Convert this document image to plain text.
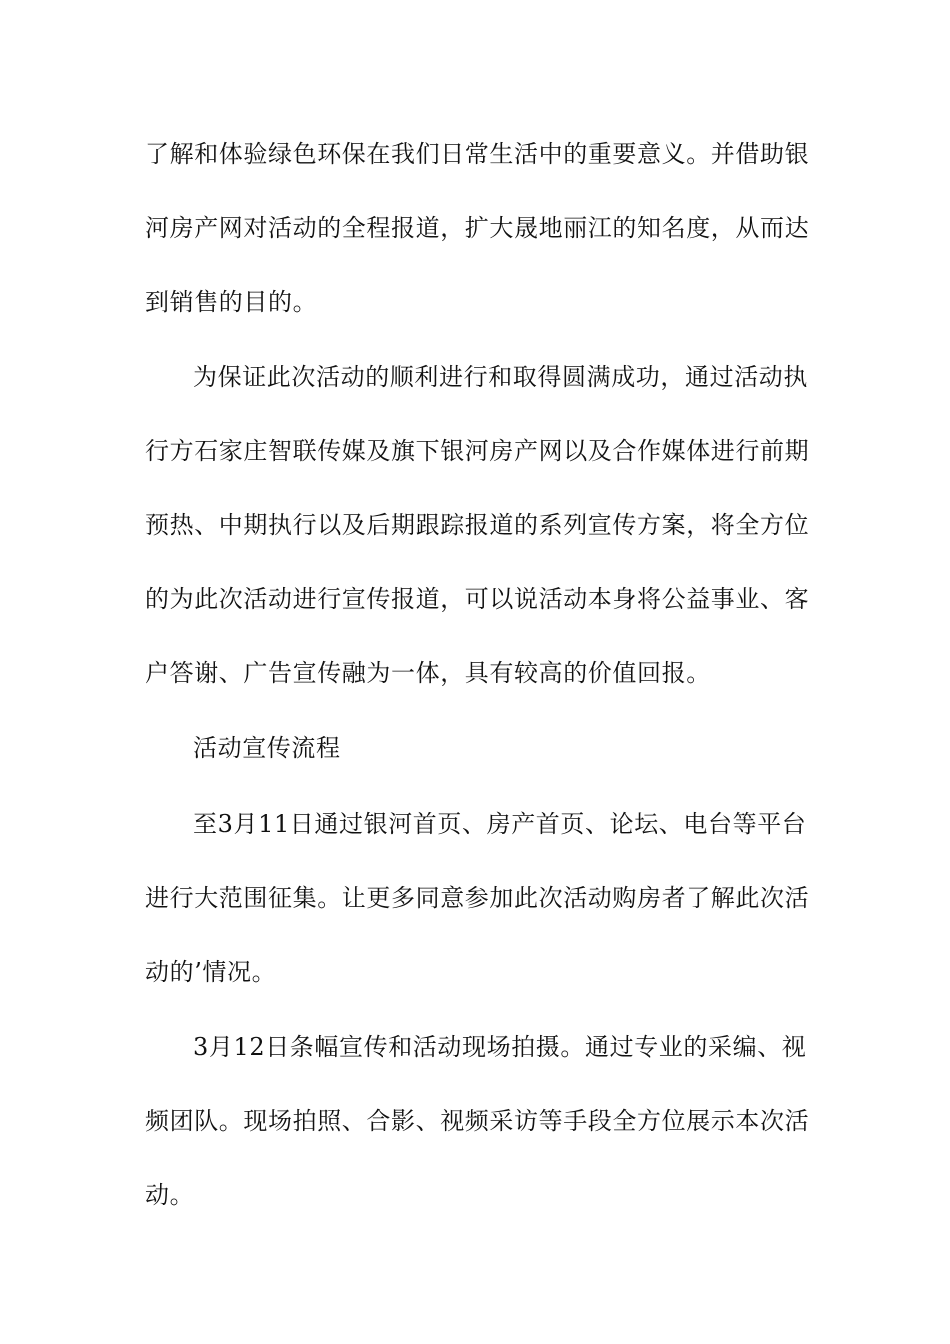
了解和体验绿色环保在我们日常生活中的重要意义。并借助银
河房产网对活动的全程报道，扩大晟地丽江的知名度，从而达
到销售的目的。
为保证此次活动的顺利进行和取得圆满成功，通过活动执
行方石家庄智联传媒及旗下银河房产网以及合作媒体进行前期
预热、中期执行以及后期跟踪报道的系列宣传方案，将全方位
的为此次活动进行宣传报道，可以说活动本身将公益事业、客
户答谢、广告宣传融为一体，具有较高的价值回报。
活动宣传流程
至3月11日通过银河首页、房产首页、论坛、电台等平台
进行大范围征集。让更多同意参加此次活动购房者了解此次活
动的’情况。
3月12日条幅宣传和活动现场拍摄。通过专业的采编、视
频团队。现场拍照、合影、视频采访等手段全方位展示本次活
动。
